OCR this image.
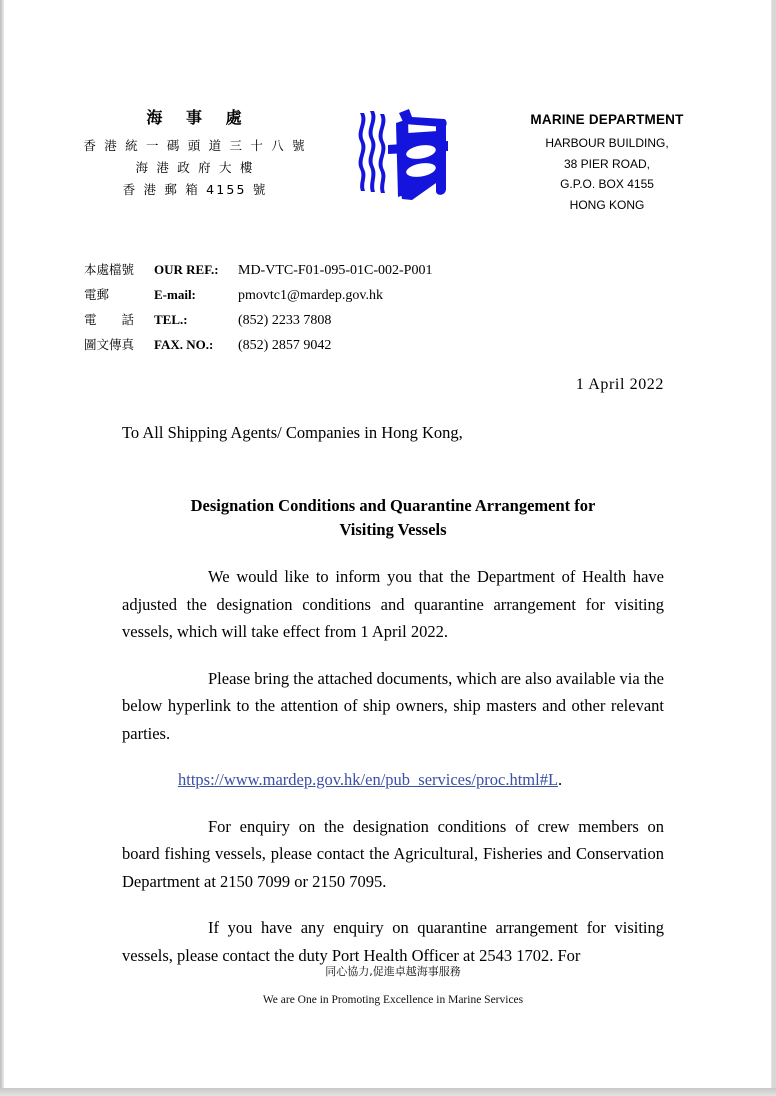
海 事 處
香 港 統 一 碼 頭 道 三 十 八 號
海 港 政 府 大 樓
香 港 郵 箱 4155 號
MARINE DEPARTMENT
HARBOUR BUILDING,
38 PIER ROAD,
G.P.O. BOX 4155
HONG KONG
本處檔號	OUR REF.:	MD-VTC-F01-095-01C-002-P001
電郵	E-mail:	pmovtc1@mardep.gov.hk
電　　話	TEL.:	(852) 2233 7808
圖文傳真	FAX. NO.:	(852) 2857 9042
1 April 2022
To All Shipping Agents/ Companies in Hong Kong,
Designation Conditions and Quarantine Arrangement for
Visiting Vessels

We would like to inform you that the Department of Health have adjusted the designation conditions and quarantine arrangement for visiting vessels, which will take effect from 1 April 2022.

Please bring the attached documents, which are also available via the below hyperlink to the attention of ship owners, ship masters and other relevant parties.

https://www.mardep.gov.hk/en/pub_services/proc.html#L.

For enquiry on the designation conditions of crew members on board fishing vessels, please contact the Agricultural, Fisheries and Conservation Department at 2150 7099 or 2150 7095.

If you have any enquiry on quarantine arrangement for visiting vessels, please contact the duty Port Health Officer at 2543 1702. For

同心協力,促進卓越海事服務
We are One in Promoting Excellence in Marine Services
